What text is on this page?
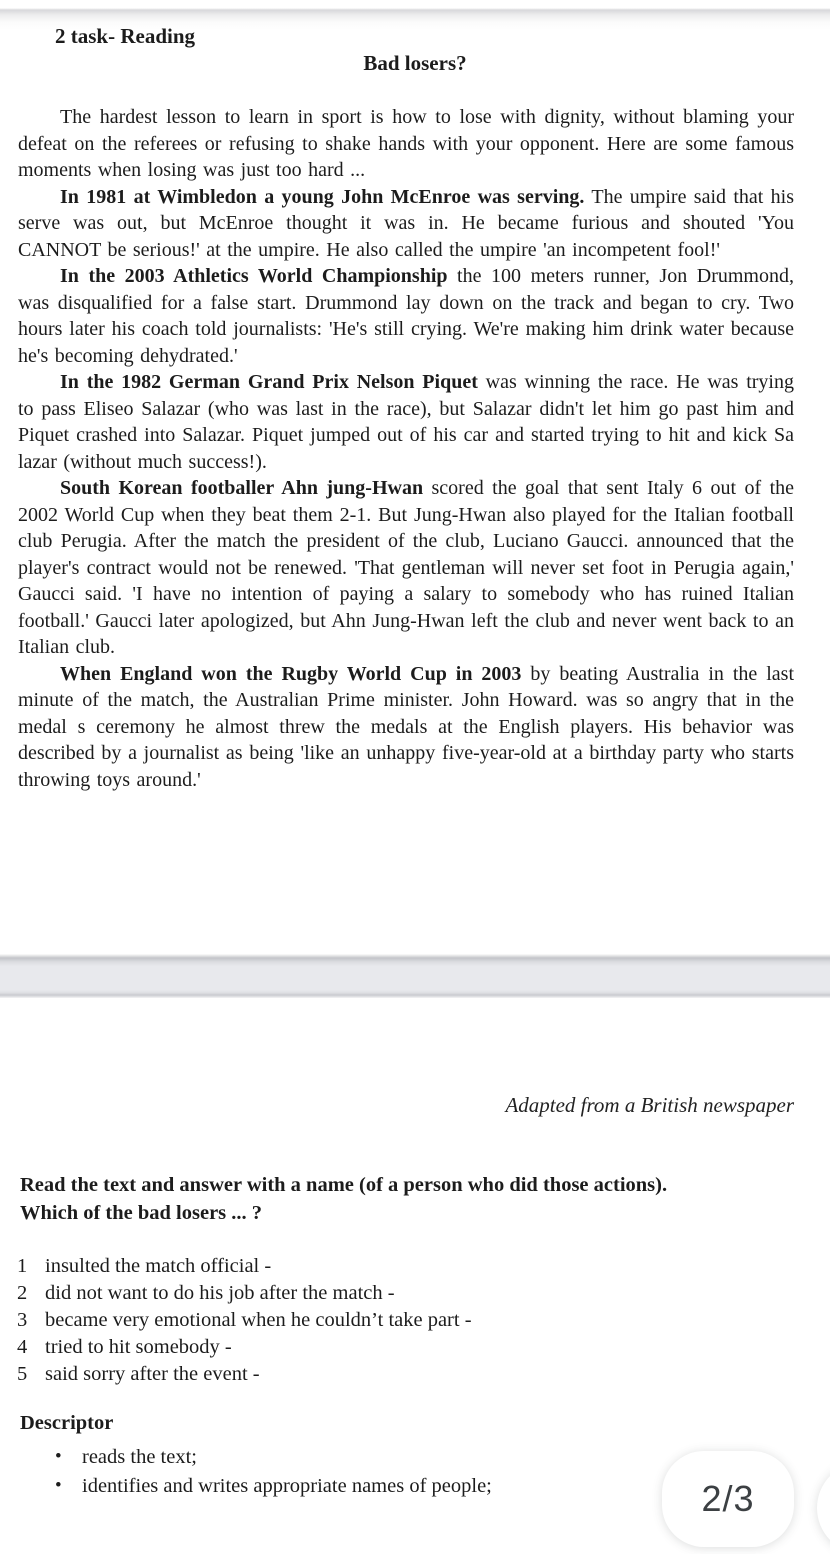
2 task- Reading
Bad losers?

The hardest lesson to learn in sport is how to lose with dignity, without blaming your defeat on the referees or refusing to shake hands with your opponent. Here are some famous moments when losing was just too hard ...

In 1981 at Wimbledon a young John McEnroe was serving. The umpire said that his serve was out, but McEnroe thought it was in. He became furious and shouted 'You CANNOT be serious!' at the umpire. He also called the umpire 'an incompetent fool!'

In the 2003 Athletics World Championship the 100 meters runner, Jon Drummond, was disqualified for a false start. Drummond lay down on the track and began to cry. Two hours later his coach told journalists: 'He's still crying. We're making him drink water because he's becoming dehydrated.'

In the 1982 German Grand Prix Nelson Piquet was winning the race. He was trying to pass Eliseo Salazar (who was last in the race), but Salazar didn't let him go past him and Piquet crashed into Salazar. Piquet jumped out of his car and started trying to hit and kick Sa lazar (without much success!).

South Korean footballer Ahn jung-Hwan scored the goal that sent Italy 6 out of the 2002 World Cup when they beat them 2-1. But Jung-Hwan also played for the Italian football club Perugia. After the match the president of the club, Luciano Gaucci. announced that the player's contract would not be renewed. 'That gentleman will never set foot in Perugia again,' Gaucci said. 'I have no intention of paying a salary to somebody who has ruined Italian football.' Gaucci later apologized, but Ahn Jung-Hwan left the club and never went back to an Italian club.

When England won the Rugby World Cup in 2003 by beating Australia in the last minute of the match, the Australian Prime minister. John Howard. was so angry that in the medal s ceremony he almost threw the medals at the English players. His behavior was described by a journalist as being 'like an unhappy five-year-old at a birthday party who starts throwing toys around.'

Adapted from a British newspaper
Read the text and answer with a name (of a person who did those actions).
Which of the bad losers ... ?
1 insulted the match official -
2 did not want to do his job after the match -
3 became very emotional when he couldn’t take part -
4 tried to hit somebody -
5 said sorry after the event -
Descriptor
•
reads the text;
•
identifies and writes appropriate names of people;	2/3
